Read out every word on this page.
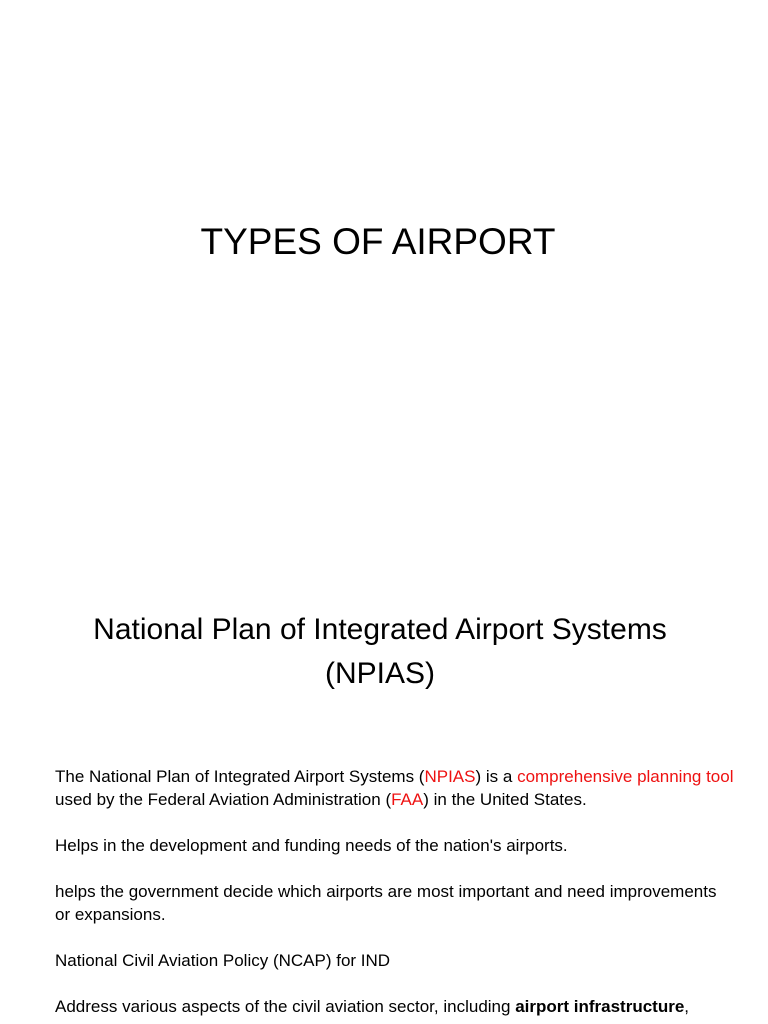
TYPES OF AIRPORT
National Plan of Integrated Airport Systems
(NPIAS)

The National Plan of Integrated Airport Systems (NPIAS) is a comprehensive planning tool used by the Federal Aviation Administration (FAA) in the United States.

Helps in the development and funding needs of the nation's airports.

helps the government decide which airports are most important and need improvements or expansions.

National Civil Aviation Policy (NCAP) for IND

Address various aspects of the civil aviation sector, including airport infrastructure,
